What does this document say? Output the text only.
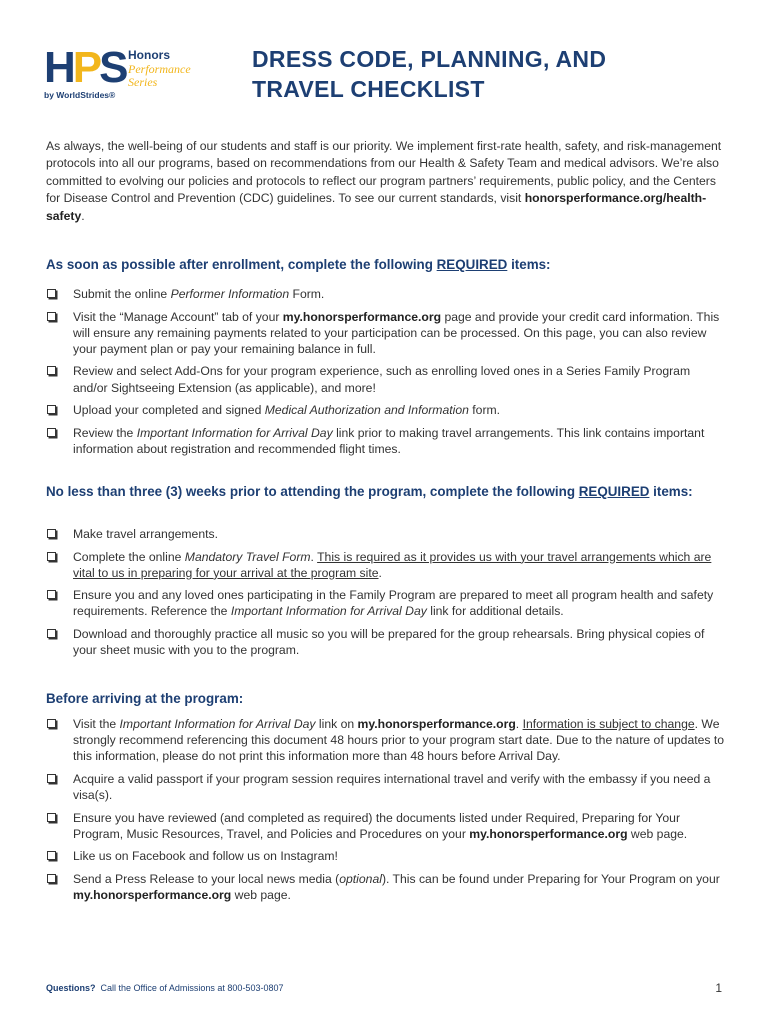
HPS Honors
Performance
Series
by WorldStrides®
DRESS CODE, PLANNING, AND
TRAVEL CHECKLIST
As always, the well-being of our students and staff is our priority. We implement first-rate health, safety, and risk-management protocols into all our programs, based on recommendations from our Health & Safety Team and medical advisors. We’re also committed to evolving our policies and protocols to reflect our program partners’ requirements, public policy, and the Centers for Disease Control and Prevention (CDC) guidelines. To see our current standards, visit honorsperformance.org/health-safety.
As soon as possible after enrollment, complete the following REQUIRED items:
Submit the online Performer Information Form.
Visit the “Manage Account” tab of your my.honorsperformance.org page and provide your credit card information. This will ensure any remaining payments related to your participation can be processed. On this page, you can also review your payment plan or pay your remaining balance in full.
Review and select Add-Ons for your program experience, such as enrolling loved ones in a Series Family Program and/or Sightseeing Extension (as applicable), and more!
Upload your completed and signed Medical Authorization and Information form.
Review the Important Information for Arrival Day link prior to making travel arrangements. This link contains important information about registration and recommended flight times.
No less than three (3) weeks prior to attending the program, complete the following REQUIRED items:
Make travel arrangements.
Complete the online Mandatory Travel Form. This is required as it provides us with your travel arrangements which are vital to us in preparing for your arrival at the program site.
Ensure you and any loved ones participating in the Family Program are prepared to meet all program health and safety requirements. Reference the Important Information for Arrival Day link for additional details.
Download and thoroughly practice all music so you will be prepared for the group rehearsals. Bring physical copies of your sheet music with you to the program.
Before arriving at the program:
Visit the Important Information for Arrival Day link on my.honorsperformance.org. Information is subject to change. We strongly recommend referencing this document 48 hours prior to your program start date. Due to the nature of updates to this information, please do not print this information more than 48 hours before Arrival Day.
Acquire a valid passport if your program session requires international travel and verify with the embassy if you need a visa(s).
Ensure you have reviewed (and completed as required) the documents listed under Required, Preparing for Your Program, Music Resources, Travel, and Policies and Procedures on your my.honorsperformance.org web page.
Like us on Facebook and follow us on Instagram!
Send a Press Release to your local news media (optional). This can be found under Preparing for Your Program on your my.honorsperformance.org web page.
Questions? Call the Office of Admissions at 800-503-0807	1
